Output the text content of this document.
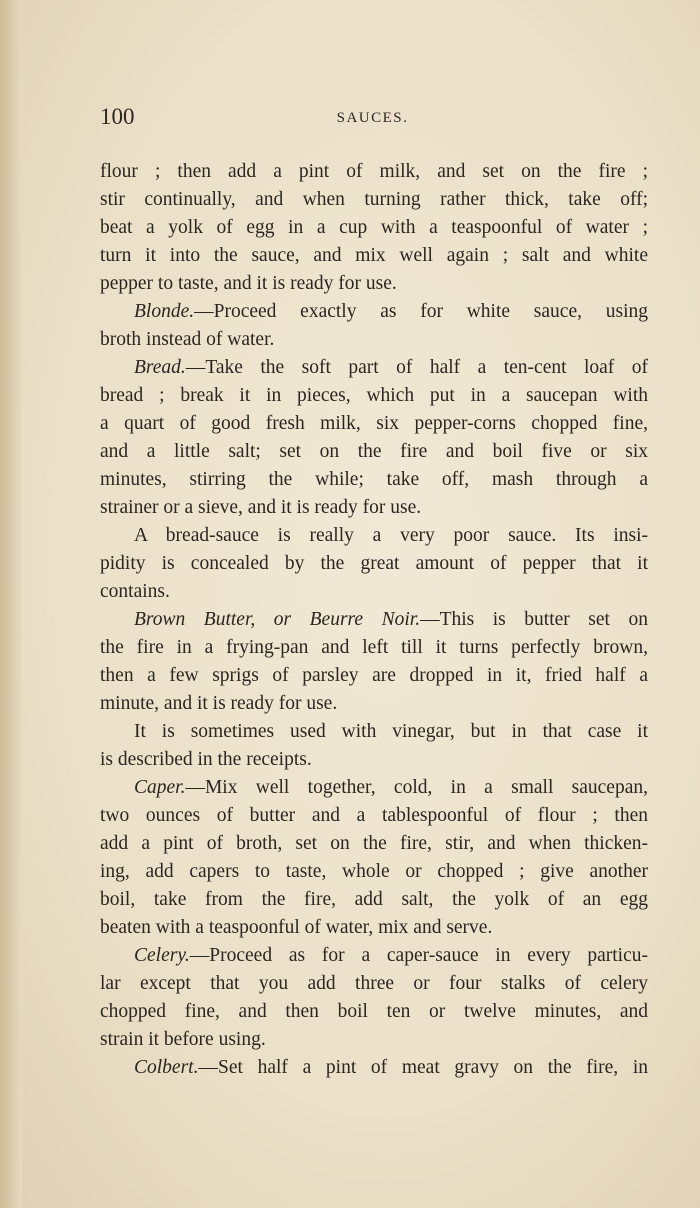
100	SAUCES.
flour ; then add a pint of milk, and set on the fire ;
stir continually, and when turning rather thick, take off;
beat a yolk of egg in a cup with a teaspoonful of water ;
turn it into the sauce, and mix well again ; salt and white
pepper to taste, and it is ready for use.
Blonde.—Proceed exactly as for white sauce, using
broth instead of water.
Bread.—Take the soft part of half a ten-cent loaf of
bread ; break it in pieces, which put in a saucepan with
a quart of good fresh milk, six pepper-corns chopped fine,
and a little salt; set on the fire and boil five or six
minutes, stirring the while; take off, mash through a
strainer or a sieve, and it is ready for use.
A bread-sauce is really a very poor sauce. Its insi-
pidity is concealed by the great amount of pepper that it
contains.
Brown Butter, or Beurre Noir.—This is butter set on
the fire in a frying-pan and left till it turns perfectly brown,
then a few sprigs of parsley are dropped in it, fried half a
minute, and it is ready for use.
It is sometimes used with vinegar, but in that case it
is described in the receipts.
Caper.—Mix well together, cold, in a small saucepan,
two ounces of butter and a tablespoonful of flour ; then
add a pint of broth, set on the fire, stir, and when thicken-
ing, add capers to taste, whole or chopped ; give another
boil, take from the fire, add salt, the yolk of an egg
beaten with a teaspoonful of water, mix and serve.
Celery.—Proceed as for a caper-sauce in every particu-
lar except that you add three or four stalks of celery
chopped fine, and then boil ten or twelve minutes, and
strain it before using.
Colbert.—Set half a pint of meat gravy on the fire, in
